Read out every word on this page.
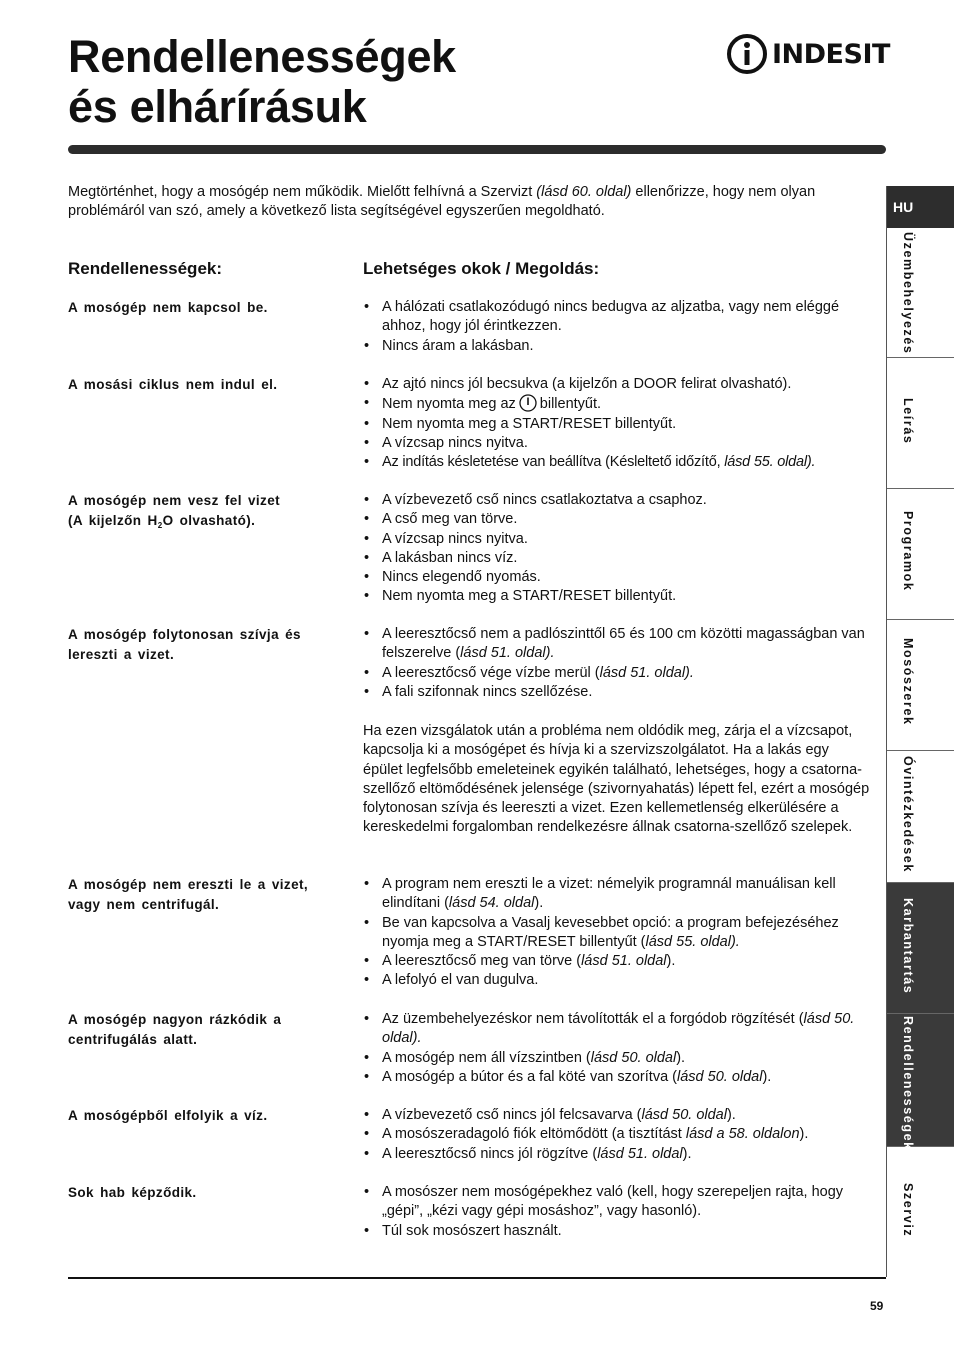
Rendellenességek
és elhárírásuk
INDESIT

Megtörténhet, hogy a mosógép nem működik. Mielőtt felhívná a Szervizt (lásd 60. oldal) ellenőrizze, hogy nem olyan problémáról van szó, amely a következő lista segítségével egyszerűen megoldható.

Rendellenességek:	Lehetséges okok / Megoldás:
A mosógép nem kapcsol be.	• A hálózati csatlakozódugó nincs bedugva az aljzatba, vagy nem eléggé ahhoz, hogy jól érintkezzen.
• Nincs áram a lakásban.
A mosási ciklus nem indul el.	• Az ajtó nincs jól becsukva (a kijelzőn a DOOR felirat olvasható).
• Nem nyomta meg az billentyűt.
• Nem nyomta meg a START/RESET billentyűt.
• A vízcsap nincs nyitva.
• Az indítás késletetése van beállítva (Késleltető időzítő, lásd 55. oldal).
A mosógép nem vesz fel vizet
(A kijelzőn $H_2O$ olvasható).
• A vízbevezető cső nincs csatlakoztatva a csaphoz.
• A cső meg van törve.
• A vízcsap nincs nyitva.
• A lakásban nincs víz.
• Nincs elegendő nyomás.
• Nem nyomta meg a START/RESET billentyűt.
A mosógép folytonosan szívja és lereszti a vizet.
• A leeresztőcső nem a padlószinttől 65 és 100 cm közötti magasságban van felszerelve (lásd 51. oldal).
• A leeresztőcső vége vízbe merül (lásd 51. oldal).
• A fali szifonnak nincs szellőzése.

Ha ezen vizsgálatok után a probléma nem oldódik meg, zárja el a vízcsapot, kapcsolja ki a mosógépet és hívja ki a szervizszolgálatot. Ha a lakás egy épület legfelsőbb emeleteinek egyikén található, lehetséges, hogy a csatorna-szellőző eltömődésének jelensége (szivornyahatás) lépett fel, ezért a mosógép folytonosan szívja és leereszti a vizet. Ezen kellemetlenség elkerülésére a kereskedelmi forgalomban rendelkezésre állnak csatorna-szellőző szelepek.

A mosógép nem ereszti le a vizet, vagy nem centrifugál.
• A program nem ereszti le a vizet: némelyik programnál manuálisan kell elindítani (lásd 54. oldal).
• Be van kapcsolva a Vasalj kevesebbet opció: a program befejezéséhez nyomja meg a START/RESET billentyűt (lásd 55. oldal).
• A leeresztőcső meg van törve (lásd 51. oldal).
• A lefolyó el van dugulva.
A mosógép nagyon rázkódik a centrifugálás alatt.
• Az üzembehelyezéskor nem távolították el a forgódob rögzítését (lásd 50. oldal).
• A mosógép nem áll vízszintben (lásd 50. oldal).
• A mosógép a bútor és a fal köté van szorítva (lásd 50. oldal).
A mosógépből elfolyik a víz.	• A vízbevezető cső nincs jól felcsavarva (lásd 50. oldal).
• A mosószeradagoló fiók eltömődött (a tisztítást lásd a 58. oldalon).
• A leeresztőcső nincs jól rögzítve (lásd 51. oldal).
Sok hab képződik.	• A mosószer nem mosógépekhez való (kell, hogy szerepeljen rajta, hogy „gépi”, „kézi vagy gépi mosáshoz”, vagy hasonló).
• Túl sok mosószert használt.
59
HU
Üzembehelyezés
Leírás
Programok
Mosószerek
Óvintézkedések
Karbantartás
Rendellenességek
Szerviz
